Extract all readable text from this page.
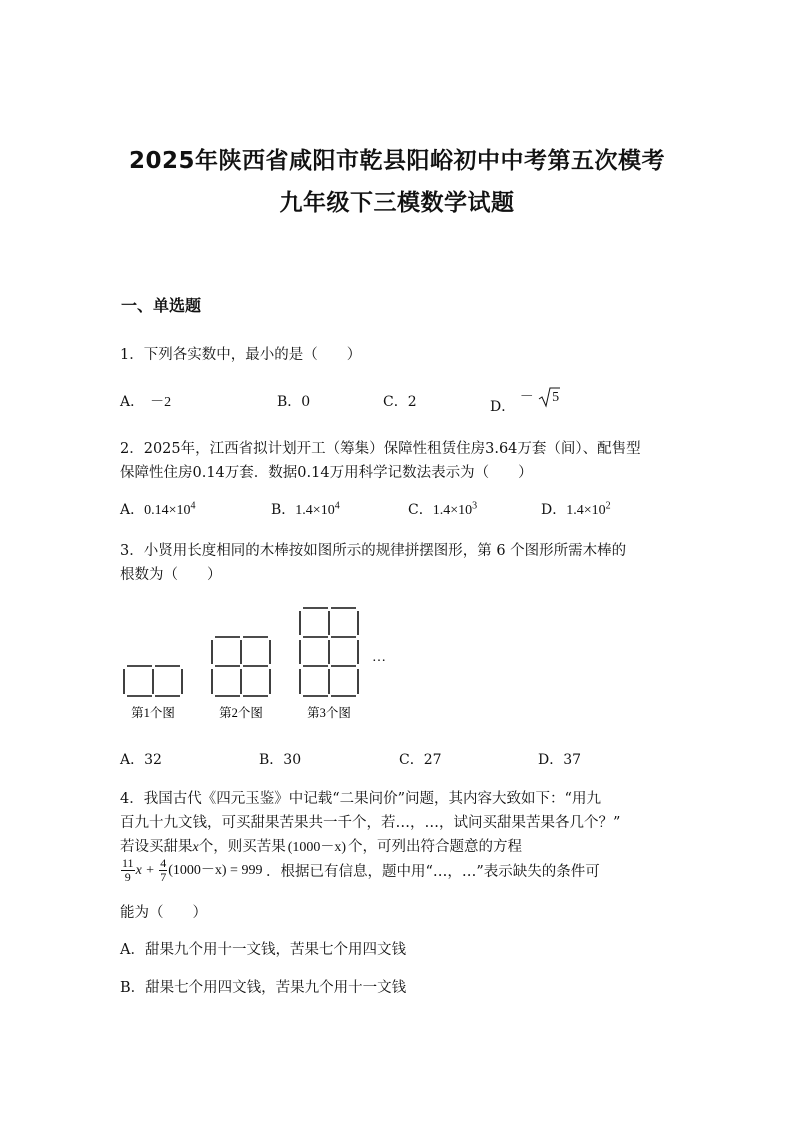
2025年陕西省咸阳市乾县阳峪初中中考第五次模考
九年级下三模数学试题
一、单选题
1．下列各实数中，最小的是（　　）
A． －2	B．0	C．2	D． － 5
2．2025年，江西省拟计划开工（筹集）保障性租赁住房3.64万套（间）、配售型
保障性住房0.14万套．数据0.14万用科学记数法表示为（　　）
A．$0.14\times 10^4$	B．$1.4\times 10^4$	C．$1.4\times 10^3$	D．$1.4\times 10^2$
3．小贤用长度相同的木棒按如图所示的规律拼摆图形，第 6 个图形所需木棒的
根数为（　　）
…
第1个图	第2个图	第3个图
A．32	B．30	C．27	D．37
4．我国古代《四元玉鉴》中记载“二果问价”问题，其内容大致如下：“用九
百九十九文钱，可买甜果苦果共一千个，若…，…，试问买甜果苦果各几个？”
若设买甜果x个，则买苦果 (1000－x) 个，可列出符合题意的方程
$\frac{11}{9}$ $x + \frac{4}{7} (1000-x) = 999$ ．根据已有信息，题中用“…，…”表示缺失的条件可
能为（　　）
A．甜果九个用十一文钱，苦果七个用四文钱
B．甜果七个用四文钱，苦果九个用十一文钱
